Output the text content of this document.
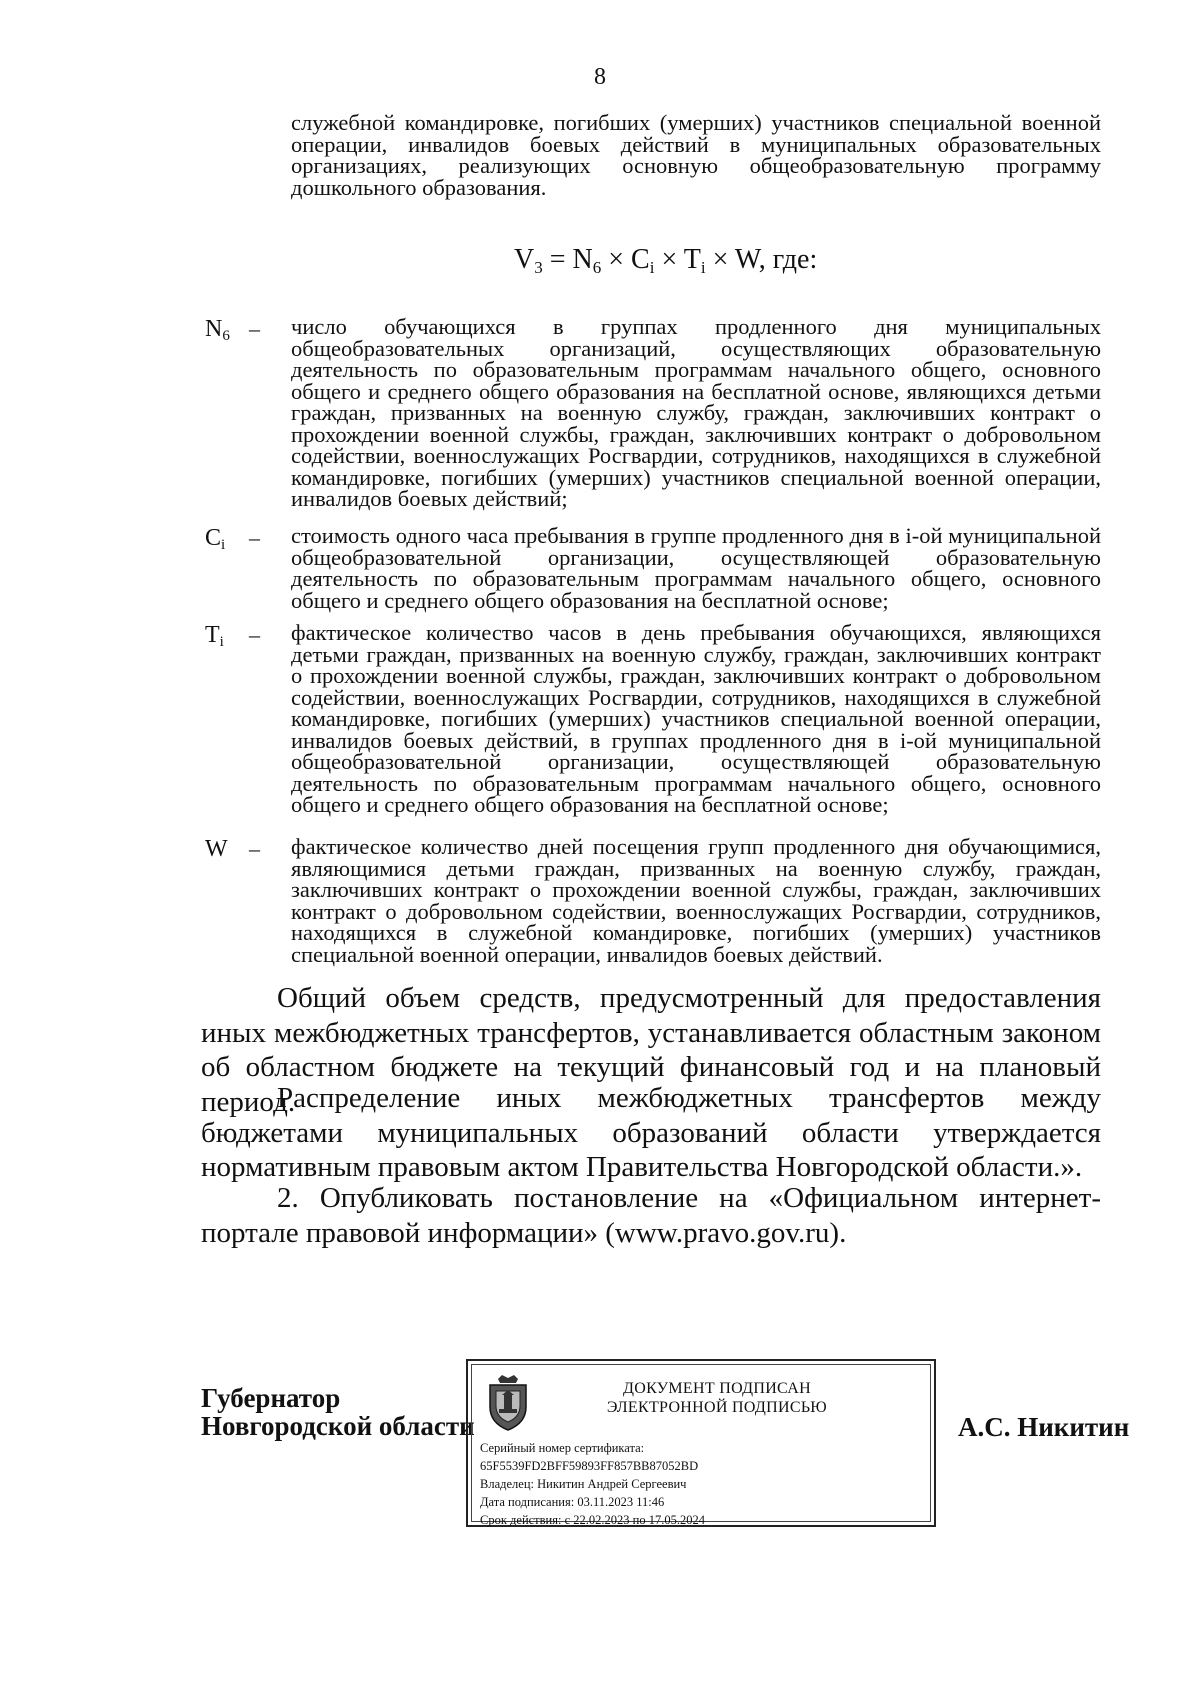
8

служебной командировке, погибших (умерших) участников специальной военной операции, инвалидов боевых действий в муниципальных образовательных организациях, реализующих основную общеобразовательную программу дошкольного образования.

$V_3 = N_6 \times C_i \times T_i \times W$, где:
$N_6$ – число обучающихся в группах продленного дня муниципальных общеобразовательных организаций, осуществляющих образовательную деятельность по образовательным программам начального общего, основного общего и среднего общего образования на бесплатной основе, являющихся детьми граждан, призванных на военную службу, граждан, заключивших контракт о прохождении военной службы, граждан, заключивших контракт о добровольном содействии, военнослужащих Росгвардии, сотрудников, находящихся в служебной командировке, погибших (умерших) участников специальной военной операции, инвалидов боевых действий;

$C_i$ – стоимость одного часа пребывания в группе продленного дня в i-ой муниципальной общеобразовательной организации, осуществляющей образовательную деятельность по образовательным программам начального общего, основного общего и среднего общего образования на бесплатной основе;

$T_i$ – фактическое количество часов в день пребывания обучающихся, являющихся детьми граждан, призванных на военную службу, граждан, заключивших контракт о прохождении военной службы, граждан, заключивших контракт о добровольном содействии, военнослужащих Росгвардии, сотрудников, находящихся в служебной командировке, погибших (умерших) участников специальной военной операции, инвалидов боевых действий, в группах продленного дня в i-ой муниципальной общеобразовательной организации, осуществляющей образовательную деятельность по образовательным программам начального общего, основного общего и среднего общего образования на бесплатной основе;

W – фактическое количество дней посещения групп продленного дня обучающимися, являющимися детьми граждан, призванных на военную службу, граждан, заключивших контракт о прохождении военной службы, граждан, заключивших контракт о добровольном содействии, военнослужащих Росгвардии, сотрудников, находящихся в служебной командировке, погибших (умерших) участников специальной военной операции, инвалидов боевых действий.

Общий объем средств, предусмотренный для предоставления иных межбюджетных трансфертов, устанавливается областным законом об областном бюджете на текущий финансовый год и на плановый период.

Распределение иных межбюджетных трансфертов между бюджетами муниципальных образований области утверждается нормативным правовым актом Правительства Новгородской области.».

2. Опубликовать постановление на «Официальном интернет-портале правовой информации» (www.pravo.gov.ru).

Губернатор
Новгородской области
ДОКУМЕНТ ПОДПИСАН
ЭЛЕКТРОННОЙ ПОДПИСЬЮ
Серийный номер сертификата:
65F5539FD2BFF59893FF857BB87052BD
Владелец: Никитин Андрей Сергеевич
Дата подписания: 03.11.2023 11:46
Срок действия: с 22.02.2023 по 17.05.2024
А.С. Никитин
